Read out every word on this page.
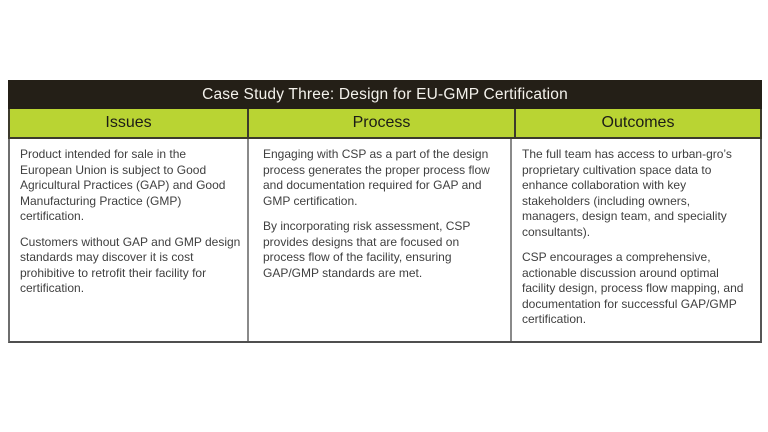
Case Study Three: Design for EU-GMP Certification
Issues	Process	Outcomes

Product intended for sale in the European Union is subject to Good Agricultural Practices (GAP) and Good Manufacturing Practice (GMP) certification.

Customers without GAP and GMP design standards may discover it is cost prohibitive to retrofit their facility for certification.

Engaging with CSP as a part of the design process generates the proper process flow and documentation required for GAP and GMP certification.

By incorporating risk assessment, CSP provides designs that are focused on process flow of the facility, ensuring GAP/GMP standards are met.

The full team has access to urban-gro’s proprietary cultivation space data to enhance collaboration with key stakeholders (including owners, managers, design team, and speciality consultants).

CSP encourages a comprehensive, actionable discussion around optimal facility design, process flow mapping, and documentation for successful GAP/GMP certification.
